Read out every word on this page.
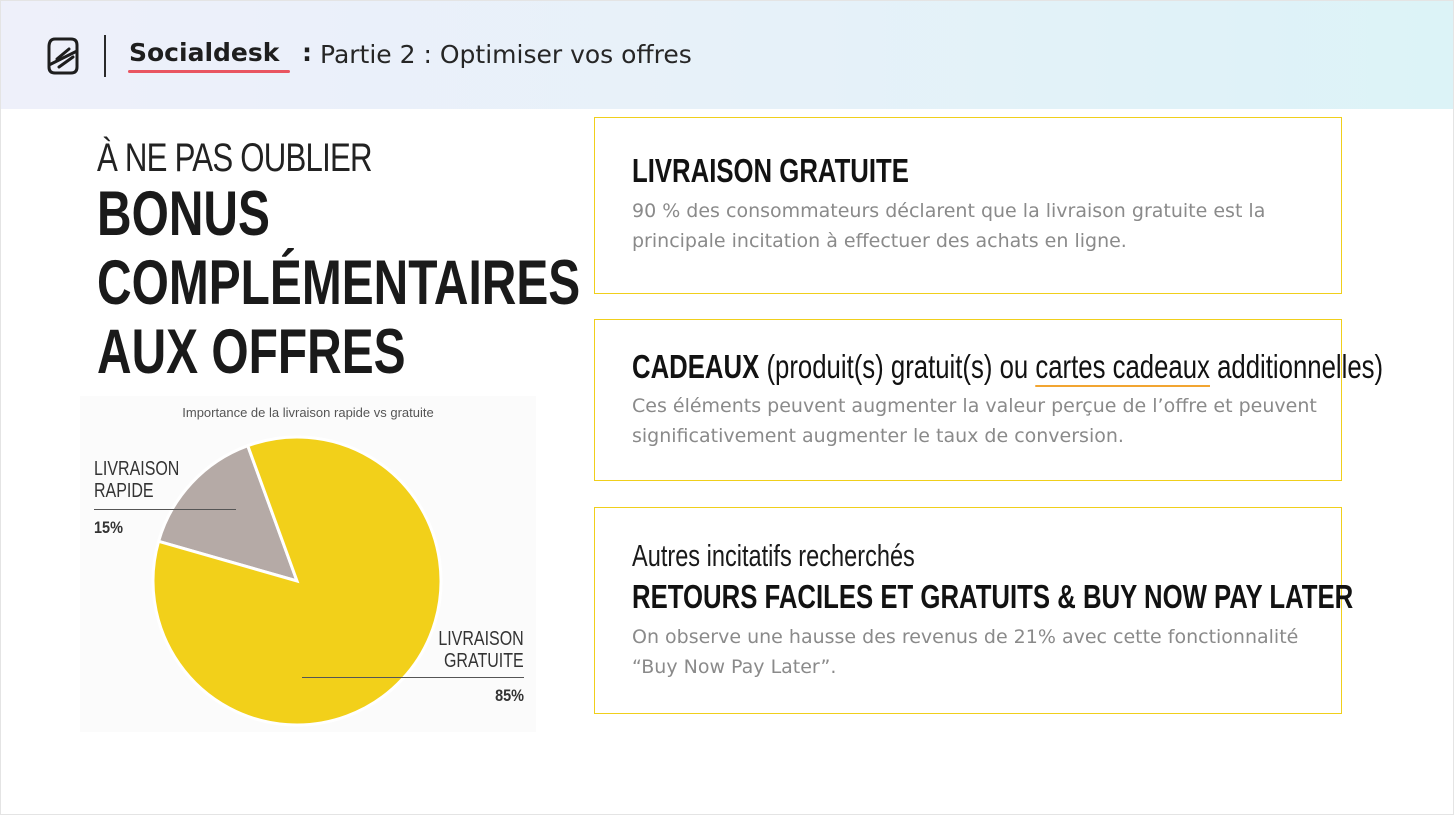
Socialdesk : Partie 2 : Optimiser vos offres
À NE PAS OUBLIER
BONUS COMPLÉMENTAIRES AUX OFFRES
Importance de la livraison rapide vs gratuite
LIVRAISON
RAPIDE
15%
LIVRAISON
GRATUITE
85%
LIVRAISON GRATUITE

90 % des consommateurs déclarent que la livraison gratuite est la principale incitation à effectuer des achats en ligne.

CADEAUX (produit(s) gratuit(s) ou cartes cadeaux additionnelles)

Ces éléments peuvent augmenter la valeur perçue de l’offre et peuvent significativement augmenter le taux de conversion.

Autres incitatifs recherchés
RETOURS FACILES ET GRATUITS & BUY NOW PAY LATER

On observe une hausse des revenus de 21% avec cette fonctionnalité “Buy Now Pay Later”.
